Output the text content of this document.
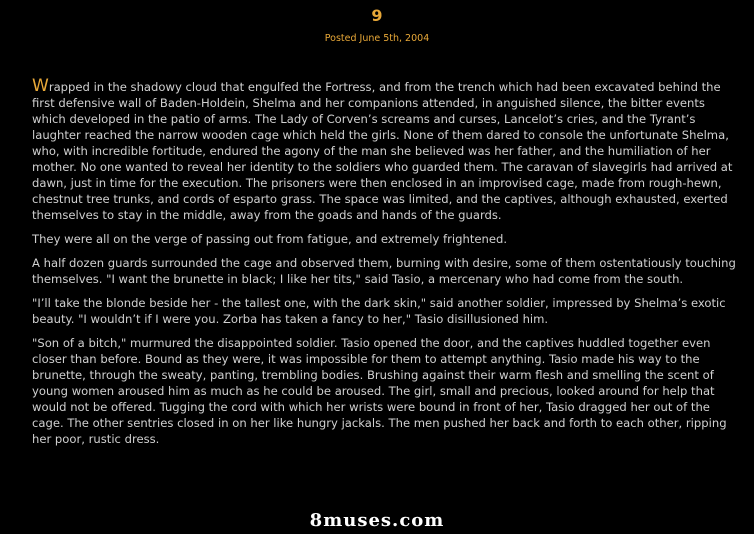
9
Posted June 5th, 2004

Wrapped in the shadowy cloud that engulfed the Fortress, and from the trench which had been excavated behind the first defensive wall of Baden-Holdein, Shelma and her companions attended, in anguished silence, the bitter events which developed in the patio of arms. The Lady of Corven’s screams and curses, Lancelot’s cries, and the Tyrant’s laughter reached the narrow wooden cage which held the girls. None of them dared to console the unfortunate Shelma, who, with incredible fortitude, endured the agony of the man she believed was her father, and the humiliation of her mother. No one wanted to reveal her identity to the soldiers who guarded them. The caravan of slavegirls had arrived at dawn, just in time for the execution. The prisoners were then enclosed in an improvised cage, made from rough-hewn, chestnut tree trunks, and cords of esparto grass. The space was limited, and the captives, although exhausted, exerted themselves to stay in the middle, away from the goads and hands of the guards.

They were all on the verge of passing out from fatigue, and extremely frightened.

A half dozen guards surrounded the cage and observed them, burning with desire, some of them ostentatiously touching themselves. "I want the brunette in black; I like her tits," said Tasio, a mercenary who had come from the south.

"I’ll take the blonde beside her - the tallest one, with the dark skin," said another soldier, impressed by Shelma’s exotic beauty. "I wouldn’t if I were you. Zorba has taken a fancy to her," Tasio disillusioned him.

"Son of a bitch," murmured the disappointed soldier. Tasio opened the door, and the captives huddled together even closer than before. Bound as they were, it was impossible for them to attempt anything. Tasio made his way to the brunette, through the sweaty, panting, trembling bodies. Brushing against their warm flesh and smelling the scent of young women aroused him as much as he could be aroused. The girl, small and precious, looked around for help that would not be offered. Tugging the cord with which her wrists were bound in front of her, Tasio dragged her out of the cage. The other sentries closed in on her like hungry jackals. The men pushed her back and forth to each other, ripping her poor, rustic dress.

8muses.com
